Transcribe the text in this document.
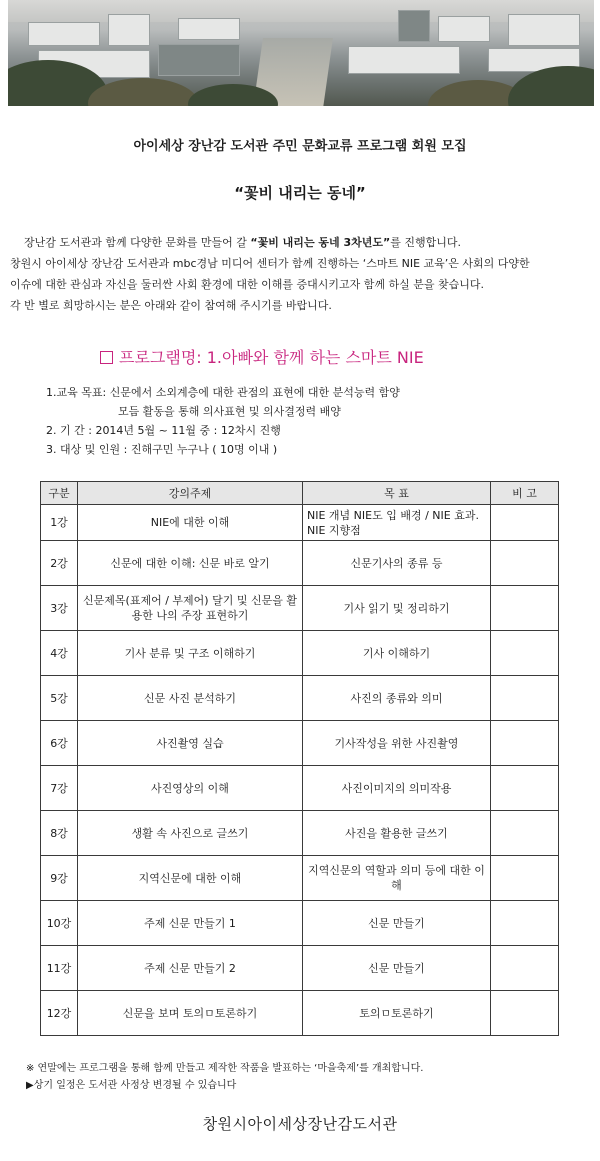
아이세상 장난감 도서관 주민 문화교류 프로그램 회원 모집
“꽃비 내리는 동네”

장난감 도서관과 함께 다양한 문화를 만들어 갈 “꽃비 내리는 동네 3차년도”를 진행합니다.

창원시 아이세상 장난감 도서관과 mbc경남 미디어 센터가 함께 진행하는 ‘스마트 NIE 교육’은 사회의 다양한

이슈에 대한 관심과 자신을 둘러싼 사회 환경에 대한 이해를 증대시키고자 함께 하실 분을 찾습니다.

각 반 별로 희망하시는 분은 아래와 같이 참여해 주시기를 바랍니다.

프로그램명: 1.아빠와 함께 하는 스마트 NIE
1.교육 목표: 신문에서 소외계층에 대한 관점의 표현에 대한 분석능력 함양
모듬 활동을 통해 의사표현 및 의사결정력 배양
2. 기 간 : 2014년 5월 ~ 11월 중 : 12차시 진행
3. 대상 및 인원 : 진해구민 누구나 ( 10명 이내 )
구분	강의주제	목 표	비 고
1강	NIE에 대한 이해	NIE 개념 NIE도 입 배경 / NIE 효과. NIE 지향점	
2강	신문에 대한 이해: 신문 바로 알기	신문기사의 종류 등	
3강	신문제목(표제어 / 부제어) 달기 및 신문을 활용한 나의 주장 표현하기	기사 읽기 및 정리하기	
4강	기사 분류 및 구조 이해하기	기사 이해하기	
5강	신문 사진 분석하기	사진의 종류와 의미	
6강	사진촬영 실습	기사작성을 위한 사진촬영	
7강	사진영상의 이해	사진이미지의 의미작용	
8강	생활 속 사진으로 글쓰기	사진을 활용한 글쓰기	
9강	지역신문에 대한 이해	지역신문의 역할과 의미 등에 대한 이해	
10강	주제 신문 만들기 1	신문 만들기	
11강	주제 신문 만들기 2	신문 만들기	
12강	신문을 보며 토의ㅁ토론하기	토의ㅁ토론하기	
※ 연말에는 프로그램을 통해 함께 만들고 제작한 작품을 발표하는 ‘마을축제’를 개최합니다.
▶상기 일정은 도서관 사정상 변경될 수 있습니다
창원시아이세상장난감도서관
